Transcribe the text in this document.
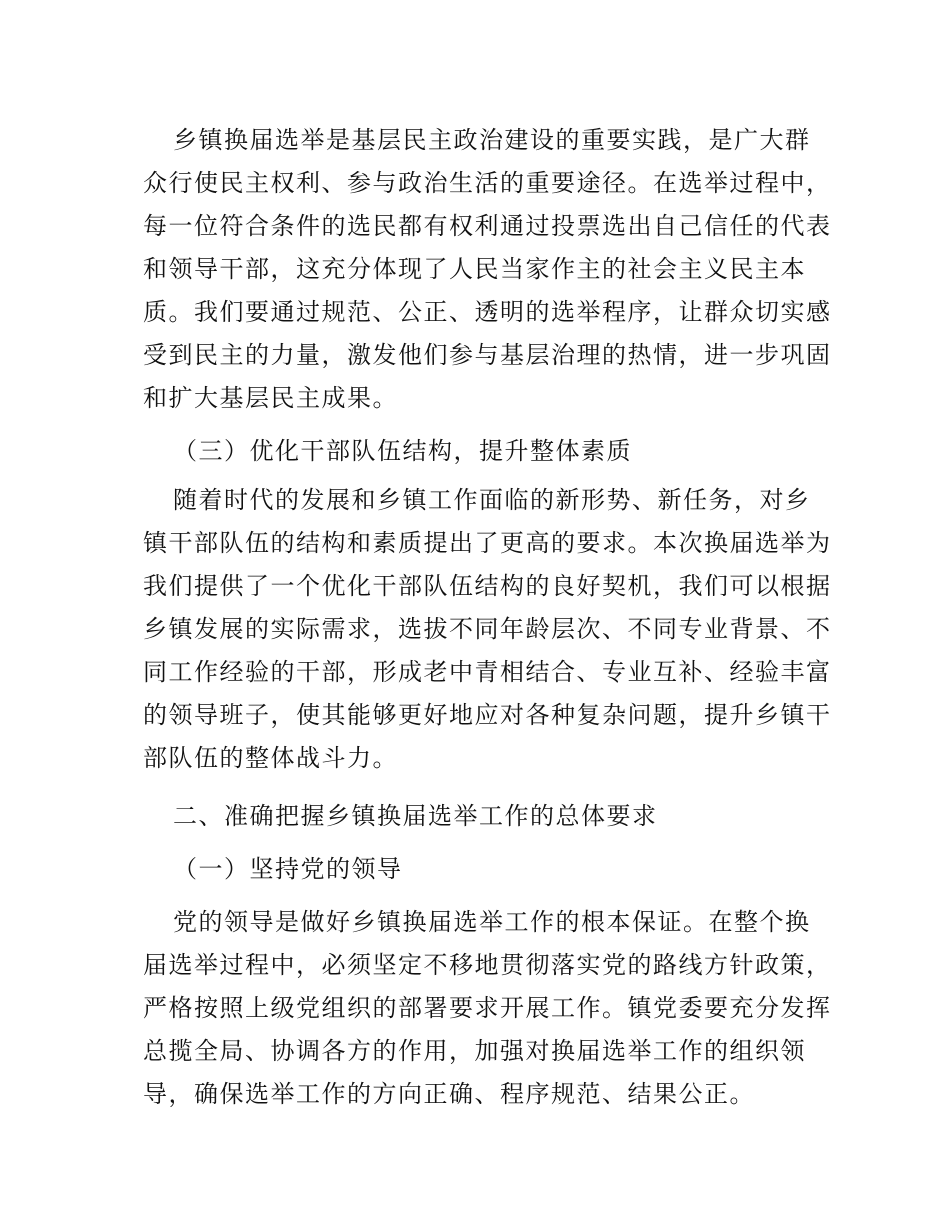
乡镇换届选举是基层民主政治建设的重要实践，是广大群
众行使民主权利、参与政治生活的重要途径。在选举过程中，
每一位符合条件的选民都有权利通过投票选出自己信任的代表
和领导干部，这充分体现了人民当家作主的社会主义民主本
质。我们要通过规范、公正、透明的选举程序，让群众切实感
受到民主的力量，激发他们参与基层治理的热情，进一步巩固
和扩大基层民主成果。
（三）优化干部队伍结构，提升整体素质
随着时代的发展和乡镇工作面临的新形势、新任务，对乡
镇干部队伍的结构和素质提出了更高的要求。本次换届选举为
我们提供了一个优化干部队伍结构的良好契机，我们可以根据
乡镇发展的实际需求，选拔不同年龄层次、不同专业背景、不
同工作经验的干部，形成老中青相结合、专业互补、经验丰富
的领导班子，使其能够更好地应对各种复杂问题，提升乡镇干
部队伍的整体战斗力。
二、准确把握乡镇换届选举工作的总体要求
（一）坚持党的领导
党的领导是做好乡镇换届选举工作的根本保证。在整个换
届选举过程中，必须坚定不移地贯彻落实党的路线方针政策，
严格按照上级党组织的部署要求开展工作。镇党委要充分发挥
总揽全局、协调各方的作用，加强对换届选举工作的组织领
导，确保选举工作的方向正确、程序规范、结果公正。
